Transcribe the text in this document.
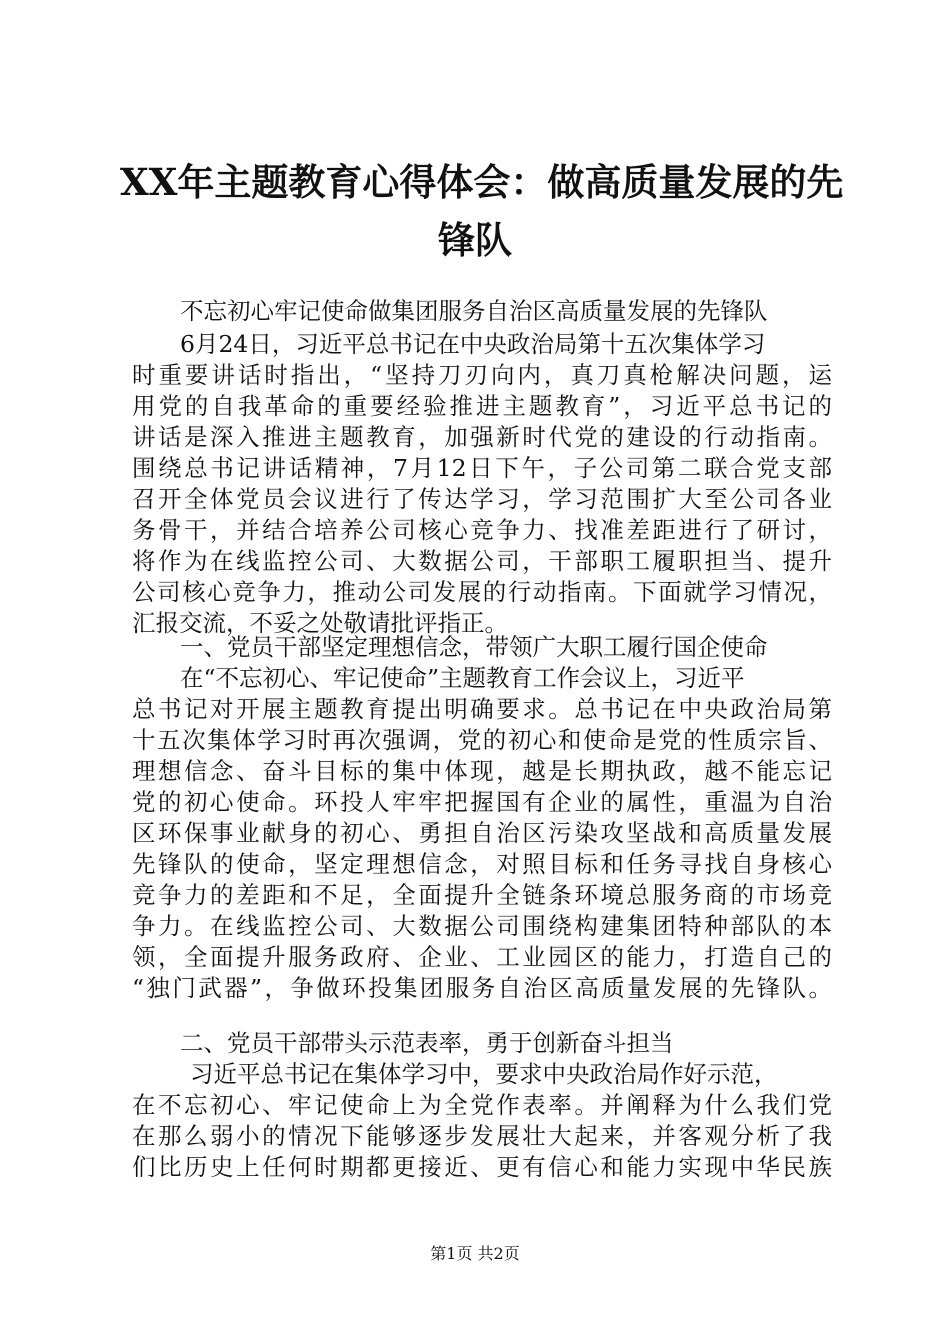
XX年主题教育心得体会：做高质量发展的先
锋队
不忘初心牢记使命做集团服务自治区高质量发展的先锋队
6月24日，习近平总书记在中央政治局第十五次集体学习
时重要讲话时指出，“坚持刀刃向内，真刀真枪解决问题，运
用党的自我革命的重要经验推进主题教育”，习近平总书记的
讲话是深入推进主题教育，加强新时代党的建设的行动指南。
围绕总书记讲话精神，7月12日下午，子公司第二联合党支部
召开全体党员会议进行了传达学习，学习范围扩大至公司各业
务骨干，并结合培养公司核心竞争力、找准差距进行了研讨，
将作为在线监控公司、大数据公司，干部职工履职担当、提升
公司核心竞争力，推动公司发展的行动指南。下面就学习情况，
汇报交流，不妥之处敬请批评指正。
一、党员干部坚定理想信念，带领广大职工履行国企使命
在“不忘初心、牢记使命”主题教育工作会议上，习近平
总书记对开展主题教育提出明确要求。总书记在中央政治局第
十五次集体学习时再次强调，党的初心和使命是党的性质宗旨、
理想信念、奋斗目标的集中体现，越是长期执政，越不能忘记
党的初心使命。环投人牢牢把握国有企业的属性，重温为自治
区环保事业献身的初心、勇担自治区污染攻坚战和高质量发展
先锋队的使命，坚定理想信念，对照目标和任务寻找自身核心
竞争力的差距和不足，全面提升全链条环境总服务商的市场竞
争力。在线监控公司、大数据公司围绕构建集团特种部队的本
领，全面提升服务政府、企业、工业园区的能力，打造自己的
“独门武器”，争做环投集团服务自治区高质量发展的先锋队。
二、党员干部带头示范表率，勇于创新奋斗担当
习近平总书记在集体学习中，要求中央政治局作好示范，
在不忘初心、牢记使命上为全党作表率。并阐释为什么我们党
在那么弱小的情况下能够逐步发展壮大起来，并客观分析了我
们比历史上任何时期都更接近、更有信心和能力实现中华民族
第1页 共2页
